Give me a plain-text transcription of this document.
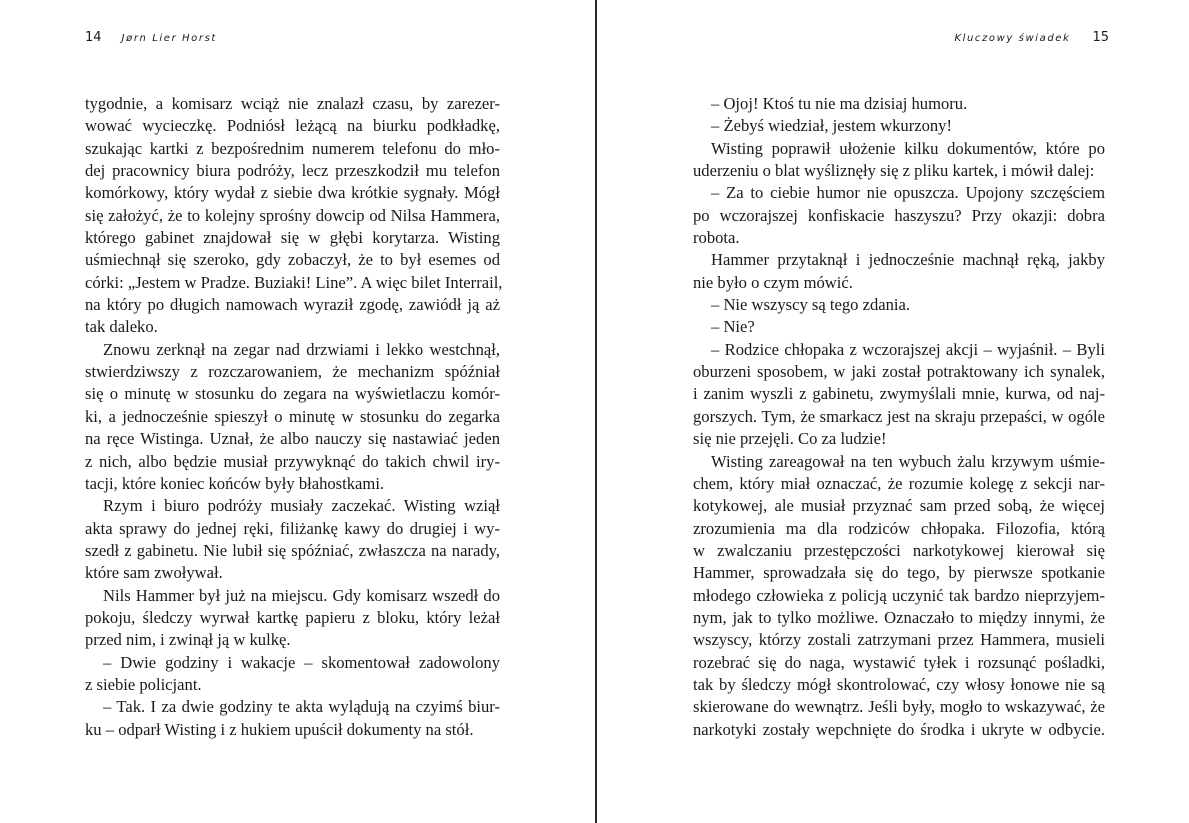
14 Jørn Lier Horst
tygodnie, a komisarz wciąż nie znalazł czasu, by zarezer-
wować wycieczkę. Podniósł leżącą na biurku podkładkę,
szukając kartki z bezpośrednim numerem telefonu do mło-
dej pracownicy biura podróży, lecz przeszkodził mu telefon
komórkowy, który wydał z siebie dwa krótkie sygnały. Mógł
się założyć, że to kolejny sprośny dowcip od Nilsa Hammera,
którego gabinet znajdował się w głębi korytarza. Wisting
uśmiechnął się szeroko, gdy zobaczył, że to był esemes od
córki: „Jestem w Pradze. Buziaki! Line”. A więc bilet Interrail,
na który po długich namowach wyraził zgodę, zawiódł ją aż
tak daleko.
Znowu zerknął na zegar nad drzwiami i lekko westchnął,
stwierdziwszy z rozczarowaniem, że mechanizm spóźniał
się o minutę w stosunku do zegara na wyświetlaczu komór-
ki, a jednocześnie spieszył o minutę w stosunku do zegarka
na ręce Wistinga. Uznał, że albo nauczy się nastawiać jeden
z nich, albo będzie musiał przywyknąć do takich chwil iry-
tacji, które koniec końców były błahostkami.
Rzym i biuro podróży musiały zaczekać. Wisting wziął
akta sprawy do jednej ręki, filiżankę kawy do drugiej i wy-
szedł z gabinetu. Nie lubił się spóźniać, zwłaszcza na narady,
które sam zwoływał.
Nils Hammer był już na miejscu. Gdy komisarz wszedł do
pokoju, śledczy wyrwał kartkę papieru z bloku, który leżał
przed nim, i zwinął ją w kulkę.
– Dwie godziny i wakacje – skomentował zadowolony
z siebie policjant.
– Tak. I za dwie godziny te akta wylądują na czyimś biur-
ku – odparł Wisting i z hukiem upuścił dokumenty na stół.
Kluczowy świadek 15
– Ojoj! Ktoś tu nie ma dzisiaj humoru.
– Żebyś wiedział, jestem wkurzony!
Wisting poprawił ułożenie kilku dokumentów, które po
uderzeniu o blat wyśliznęły się z pliku kartek, i mówił dalej:
– Za to ciebie humor nie opuszcza. Upojony szczęściem
po wczorajszej konfiskacie haszyszu? Przy okazji: dobra
robota.
Hammer przytaknął i jednocześnie machnął ręką, jakby
nie było o czym mówić.
– Nie wszyscy są tego zdania.
– Nie?
– Rodzice chłopaka z wczorajszej akcji – wyjaśnił. – Byli
oburzeni sposobem, w jaki został potraktowany ich synalek,
i zanim wyszli z gabinetu, zwymyślali mnie, kurwa, od naj-
gorszych. Tym, że smarkacz jest na skraju przepaści, w ogóle
się nie przejęli. Co za ludzie!
Wisting zareagował na ten wybuch żalu krzywym uśmie-
chem, który miał oznaczać, że rozumie kolegę z sekcji nar-
kotykowej, ale musiał przyznać sam przed sobą, że więcej
zrozumienia ma dla rodziców chłopaka. Filozofia, którą
w zwalczaniu przestępczości narkotykowej kierował się
Hammer, sprowadzała się do tego, by pierwsze spotkanie
młodego człowieka z policją uczynić tak bardzo nieprzyjem-
nym, jak to tylko możliwe. Oznaczało to między innymi, że
wszyscy, którzy zostali zatrzymani przez Hammera, musieli
rozebrać się do naga, wystawić tyłek i rozsunąć pośladki,
tak by śledczy mógł skontrolować, czy włosy łonowe nie są
skierowane do wewnątrz. Jeśli były, mogło to wskazywać, że
narkotyki zostały wepchnięte do środka i ukryte w odbycie.
